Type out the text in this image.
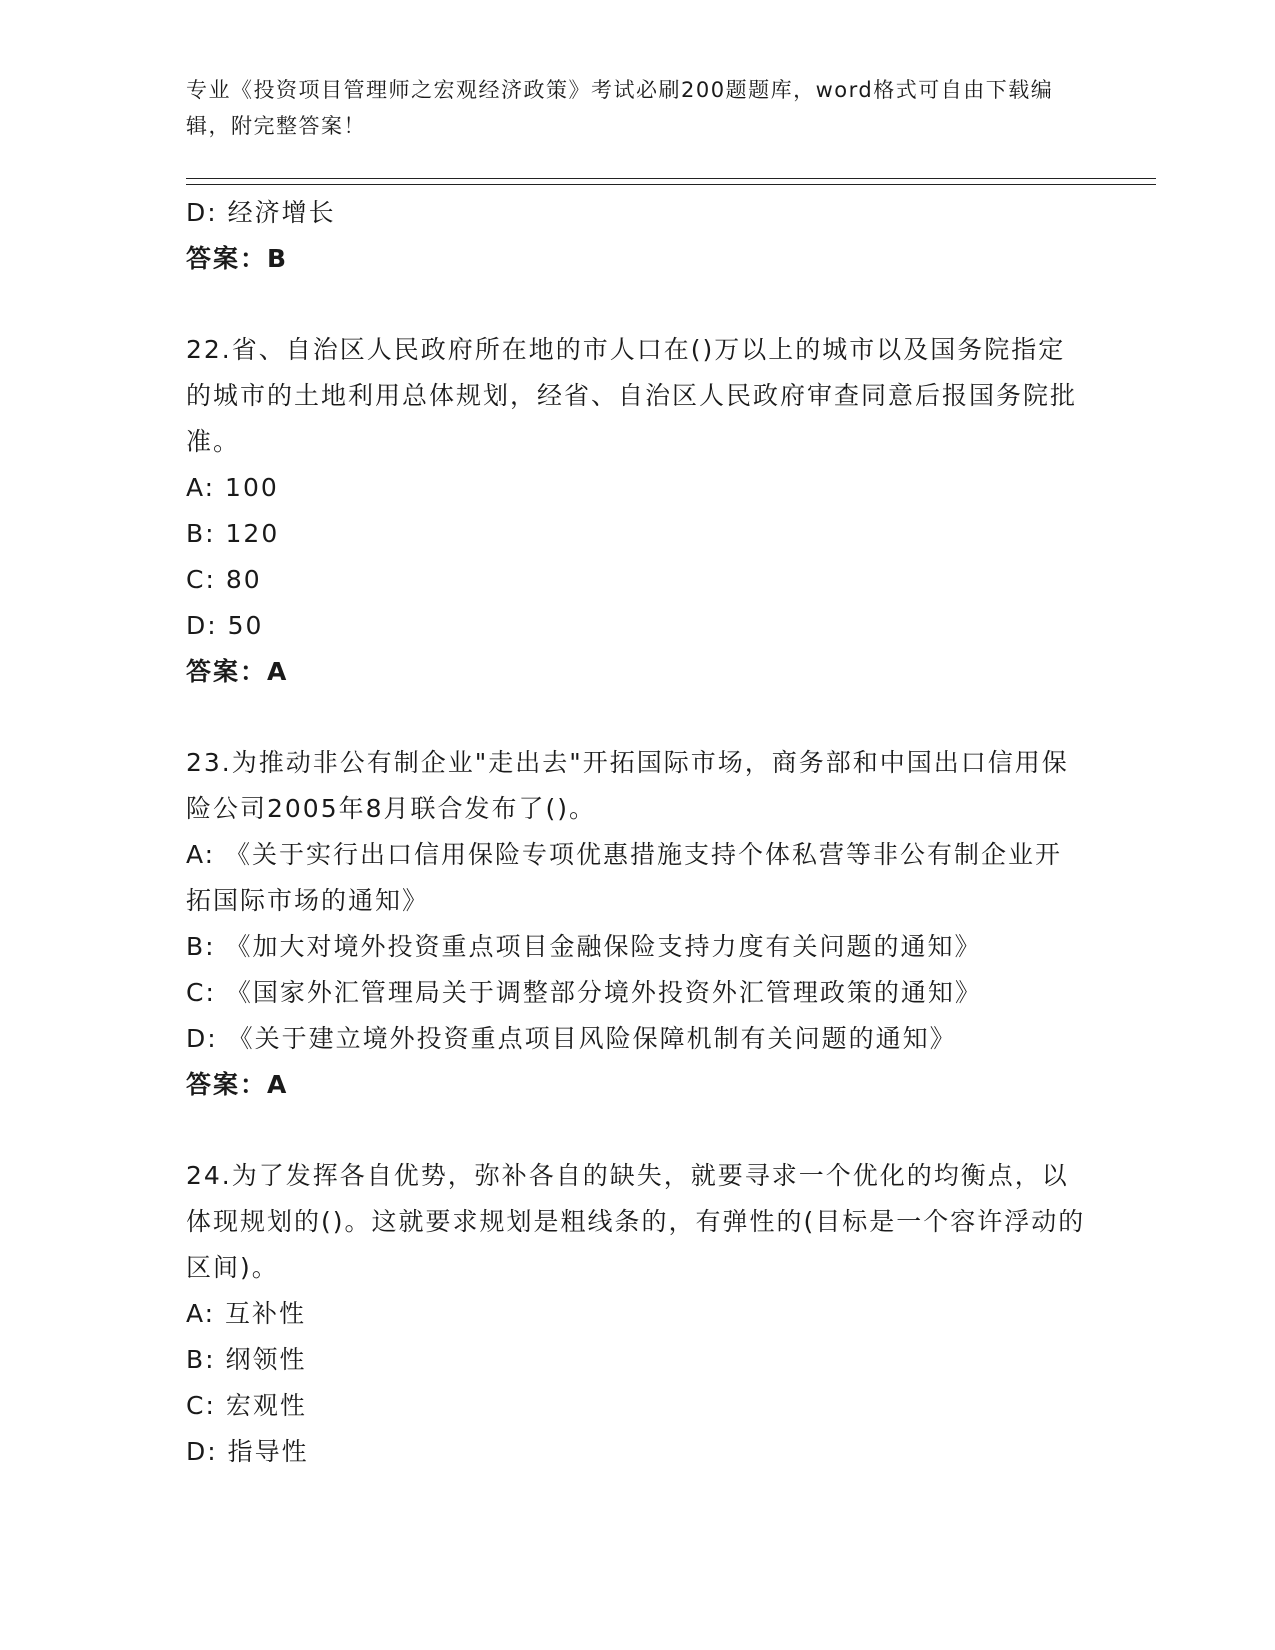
专业《投资项目管理师之宏观经济政策》考试必刷200题题库，word格式可自由下载编辑，附完整答案！
D: 经济增长
答案：B
22.省、自治区人民政府所在地的市人口在()万以上的城市以及国务院指定的城市的土地利用总体规划，经省、自治区人民政府审查同意后报国务院批准。
A: 100
B: 120
C: 80
D: 50
答案：A
23.为推动非公有制企业"走出去"开拓国际市场，商务部和中国出口信用保险公司2005年8月联合发布了()。
A: 《关于实行出口信用保险专项优惠措施支持个体私营等非公有制企业开拓国际市场的通知》
B: 《加大对境外投资重点项目金融保险支持力度有关问题的通知》
C: 《国家外汇管理局关于调整部分境外投资外汇管理政策的通知》
D: 《关于建立境外投资重点项目风险保障机制有关问题的通知》
答案：A
24.为了发挥各自优势，弥补各自的缺失，就要寻求一个优化的均衡点，以体现规划的()。这就要求规划是粗线条的，有弹性的(目标是一个容许浮动的区间)。
A: 互补性
B: 纲领性
C: 宏观性
D: 指导性
